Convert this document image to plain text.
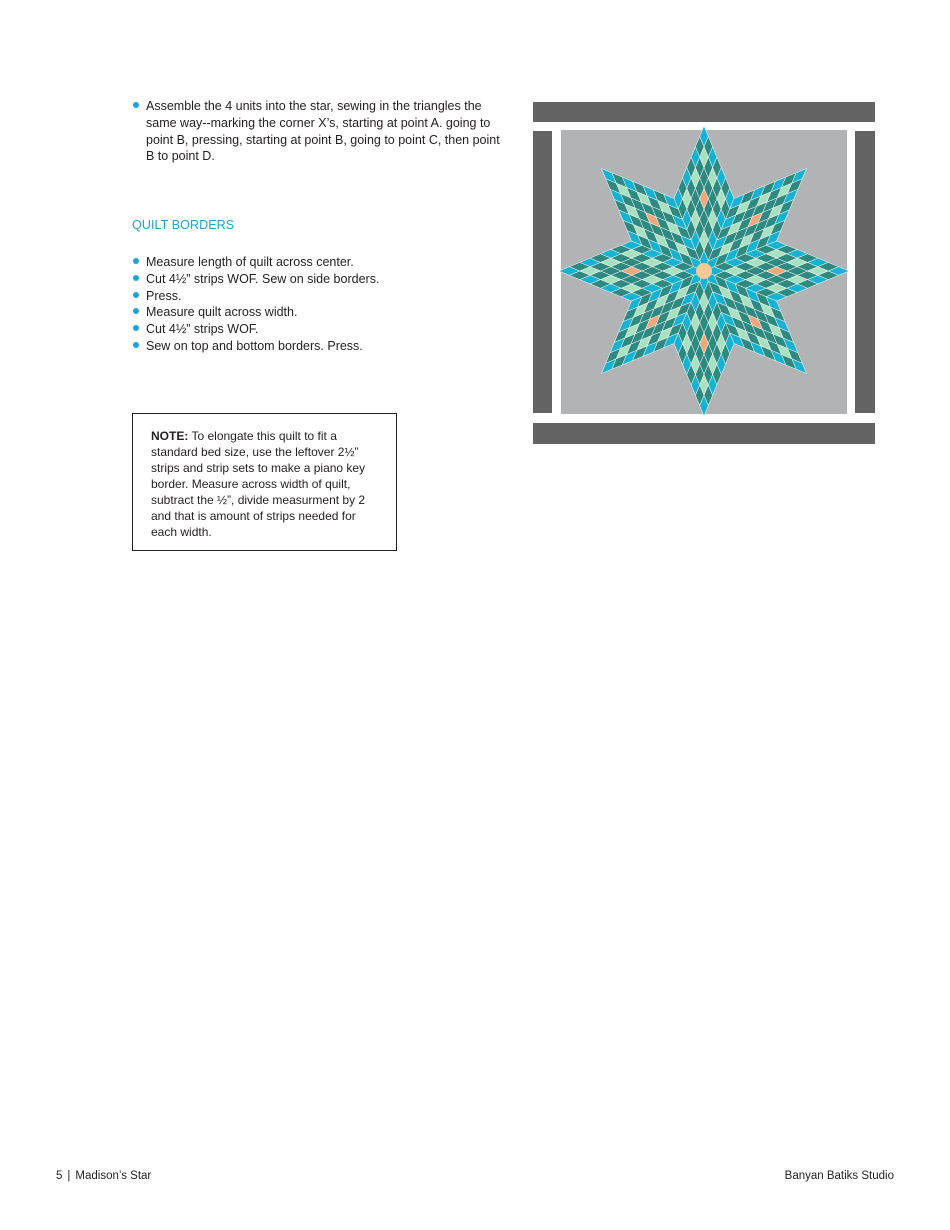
Assemble the 4 units into the star, sewing in the triangles the same way--marking the corner X’s, starting at point A. going to point B, pressing, starting at point B, going to point C, then point B to point D.
QUILT BORDERS
Measure length of quilt across center.
Cut 4½” strips WOF. Sew on side borders.
Press.
Measure quilt across width.
Cut 4½” strips WOF.
Sew on top and bottom borders. Press.
NOTE: To elongate this quilt to fit a standard bed size, use the leftover 2½” strips and strip sets to make a piano key border. Measure across width of quilt, subtract the ½”, divide measurment by 2 and that is amount of strips needed for each width.
5 | Madison’s Star	Banyan Batiks Studio
